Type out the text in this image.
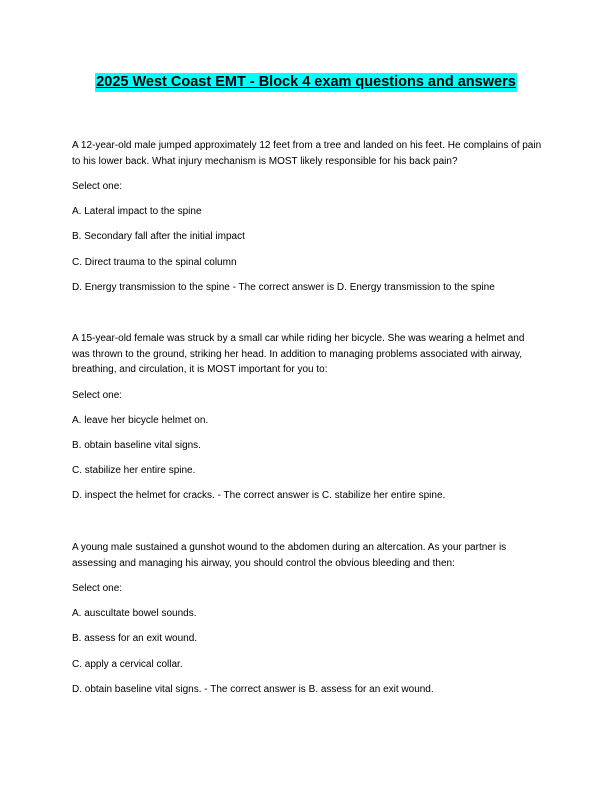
2025 West Coast EMT - Block 4 exam questions and answers

A 12-year-old male jumped approximately 12 feet from a tree and landed on his feet. He complains of pain to his lower back. What injury mechanism is MOST likely responsible for his back pain?

Select one:

A. Lateral impact to the spine

B. Secondary fall after the initial impact

C. Direct trauma to the spinal column

D. Energy transmission to the spine - The correct answer is D. Energy transmission to the spine

A 15-year-old female was struck by a small car while riding her bicycle. She was wearing a helmet and was thrown to the ground, striking her head. In addition to managing problems associated with airway, breathing, and circulation, it is MOST important for you to:

Select one:

A. leave her bicycle helmet on.

B. obtain baseline vital signs.

C. stabilize her entire spine.

D. inspect the helmet for cracks. - The correct answer is C. stabilize her entire spine.

A young male sustained a gunshot wound to the abdomen during an altercation. As your partner is assessing and managing his airway, you should control the obvious bleeding and then:

Select one:

A. auscultate bowel sounds.

B. assess for an exit wound.

C. apply a cervical collar.

D. obtain baseline vital signs. - The correct answer is B. assess for an exit wound.
